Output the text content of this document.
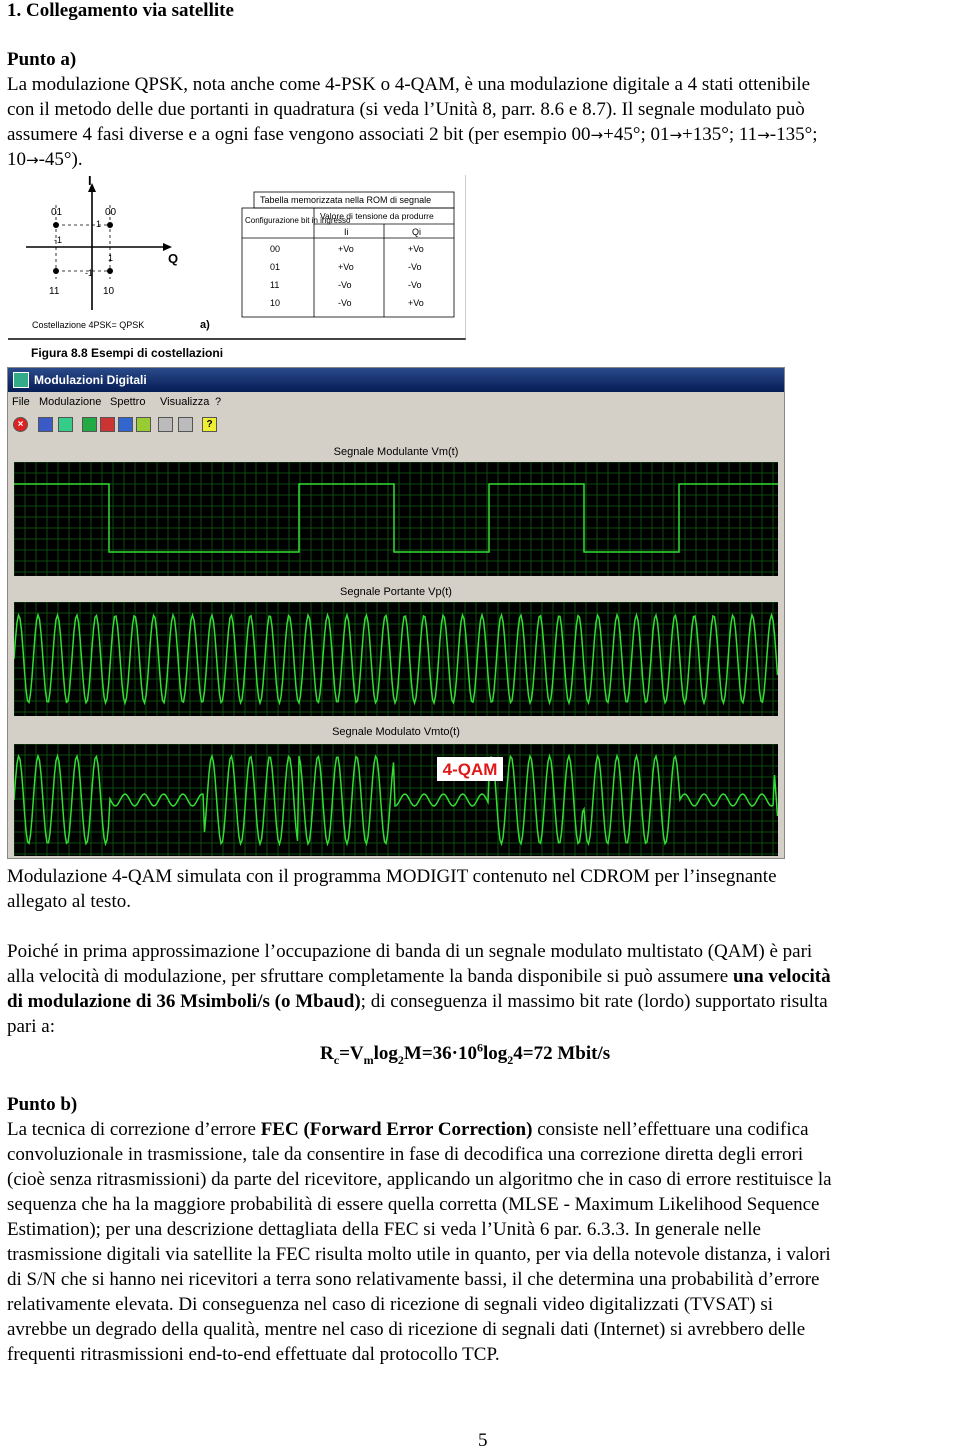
1. Collegamento via satellite
Punto a)
La modulazione QPSK, nota anche come 4-PSK o 4-QAM, è una modulazione digitale a 4 stati ottenibile
con il metodo delle due portanti in quadratura (si veda l’Unità 8, parr. 8.6 e 8.7). Il segnale modulato può
assumere 4 fasi diverse e a ogni fase vengono associati 2 bit (per esempio 00→+45°; 01→+135°; 11→-135°;
10→-45°).
I
Q
01	00
11	10
1
-1
1
-1
Costellazione 4PSK= QPSK	a)
Tabella memorizzata nella ROM di segnale
Configurazione bit in ingresso
Valore di tensione da produrre
Ii	Qi
00	+Vo	+Vo
01	+Vo	-Vo
11	-Vo	-Vo
10	-Vo	+Vo
Figura 8.8 Esempi di costellazioni
Modulazioni Digitali
File Modulazione Spettro Visualizza ?
×	?
Segnale Modulante Vm(t)
Segnale Portante Vp(t)
Segnale Modulato Vmto(t)
4-QAM
Modulazione 4-QAM simulata con il programma MODIGIT contenuto nel CDROM per l’insegnante
allegato al testo.
Poiché in prima approssimazione l’occupazione di banda di un segnale modulato multistato (QAM) è pari
alla velocità di modulazione, per sfruttare completamente la banda disponibile si può assumere una velocità
di modulazione di 36 Msimboli/s (o Mbaud); di conseguenza il massimo bit rate (lordo) supportato risulta
pari a:
$R_c=V_m\log_2M=36\cdot 10^6\log_24=72$ Mbit/s
Punto b)
La tecnica di correzione d’errore FEC (Forward Error Correction) consiste nell’effettuare una codifica
convoluzionale in trasmissione, tale da consentire in fase di decodifica una correzione diretta degli errori
(cioè senza ritrasmissioni) da parte del ricevitore, applicando un algoritmo che in caso di errore restituisce la
sequenza che ha la maggiore probabilità di essere quella corretta (MLSE - Maximum Likelihood Sequence
Estimation); per una descrizione dettagliata della FEC si veda l’Unità 6 par. 6.3.3. In generale nelle
trasmissione digitali via satellite la FEC risulta molto utile in quanto, per via della notevole distanza, i valori
di S/N che si hanno nei ricevitori a terra sono relativamente bassi, il che determina una probabilità d’errore
relativamente elevata. Di conseguenza nel caso di ricezione di segnali video digitalizzati (TVSAT) si
avrebbe un degrado della qualità, mentre nel caso di ricezione di segnali dati (Internet) si avrebbero delle
frequenti ritrasmissioni end-to-end effettuate dal protocollo TCP.
5
